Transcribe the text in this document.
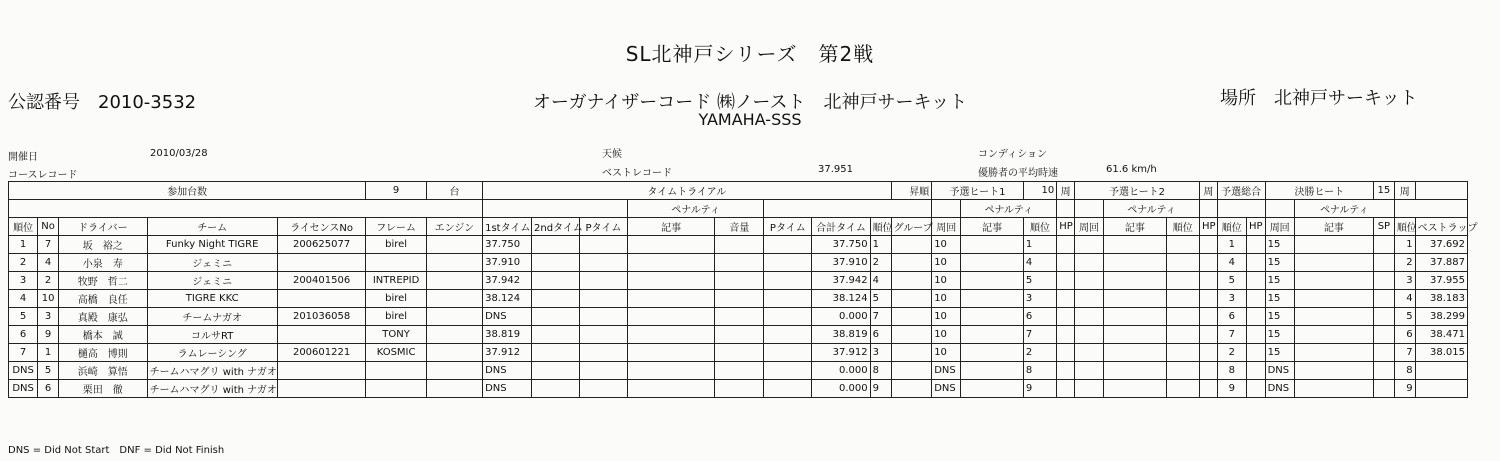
SL北神戸シリーズ　第2戦
公認番号　2010-3532	オーガナイザーコード ㈱ノースト　北神戸サーキット
YAMAHA-SSS
場所　北神戸サーキット
開催日	2010/03/28
コースレコード
天候
ベストレコード	37.951
コンディション
優勝者の平均時速	61.6 km/h
参加台数					9	台	タイムトライアル								昇順	予選ヒート1		10	周	予選ヒート2			周	予選総合		決勝ヒート		15	周	
										ペナルティ							ペナルティ				ペナルティ						ペナルティ			
順位	No	ドライバー	チーム	ライセンスNo	フレーム	エンジン	1stタイム	2ndタイム	Pタイム	記事	音量	Pタイム	合計タイム	順位	グループ	周回	記事	順位	HP	周回	記事	順位	HP	順位	HP	周回	記事	SP	順位	ベストラップ
1	7	坂　裕之	Funky Night TIGRE	200625077	birel		37.750						37.750	1		10		1						1		15			1	37.692
2	4	小泉　寿	ジェミニ				37.910						37.910	2		10		4						4		15			2	37.887
3	2	牧野　哲二	ジェミニ	200401506	INTREPID		37.942						37.942	4		10		5						5		15			3	37.955
4	10	高橋　良任	TIGRE KKC		birel		38.124						38.124	5		10		3						3		15			4	38.183
5	3	真殿　康弘	チームナガオ	201036058	birel		DNS						0.000	7		10		6						6		15			5	38.299
6	9	橋本　誠	コルサRT		TONY		38.819						38.819	6		10		7						7		15			6	38.471
7	1	樋高　博則	ラムレーシング	200601221	KOSMIC		37.912						37.912	3		10		2						2		15			7	38.015
DNS	5	浜崎　算悟	チームハマグリ with ナガオ				DNS						0.000	8		DNS		8						8		DNS			8	
DNS	6	栗田　徹	チームハマグリ with ナガオ				DNS						0.000	9		DNS		9						9		DNS			9	
DNS = Did Not Start　DNF = Did Not Finish
